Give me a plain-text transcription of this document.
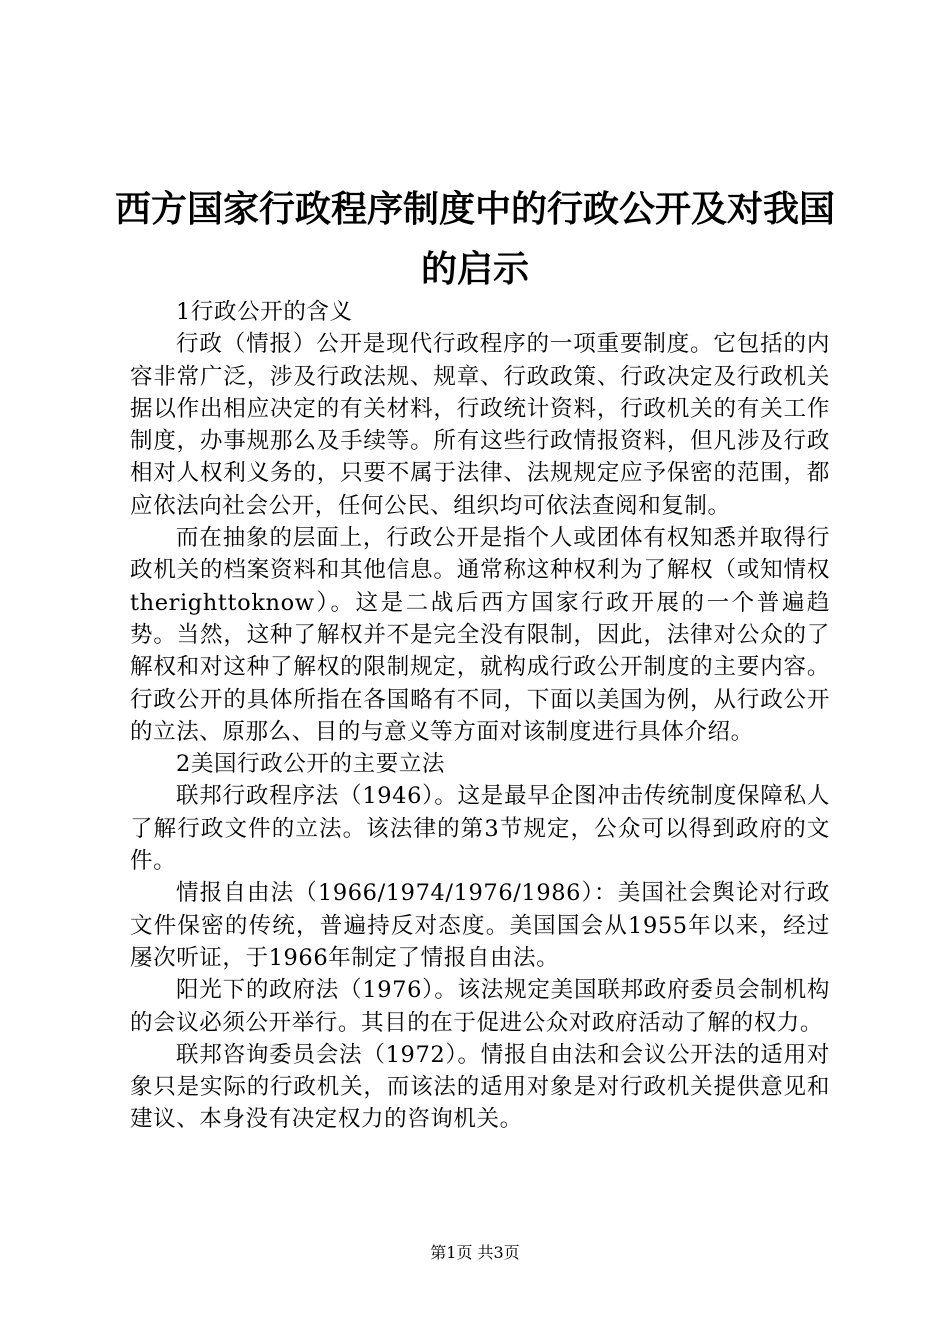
西方国家行政程序制度中的行政公开及对我国
的启示

1行政公开的含义

行政（情报）公开是现代行政程序的一项重要制度。它包括的内容非常广泛，涉及行政法规、规章、行政政策、行政决定及行政机关据以作出相应决定的有关材料，行政统计资料，行政机关的有关工作制度，办事规那么及手续等。所有这些行政情报资料，但凡涉及行政相对人权利义务的，只要不属于法律、法规规定应予保密的范围，都应依法向社会公开，任何公民、组织均可依法查阅和复制。

而在抽象的层面上，行政公开是指个人或团体有权知悉并取得行政机关的档案资料和其他信息。通常称这种权利为了解权（或知情权therighttoknow）。这是二战后西方国家行政开展的一个普遍趋势。当然，这种了解权并不是完全没有限制，因此，法律对公众的了解权和对这种了解权的限制规定，就构成行政公开制度的主要内容。行政公开的具体所指在各国略有不同，下面以美国为例，从行政公开的立法、原那么、目的与意义等方面对该制度进行具体介绍。

2美国行政公开的主要立法

联邦行政程序法（1946）。这是最早企图冲击传统制度保障私人了解行政文件的立法。该法律的第3节规定，公众可以得到政府的文件。

情报自由法（1966/1974/1976/1986）：美国社会舆论对行政文件保密的传统，普遍持反对态度。美国国会从1955年以来，经过屡次听证，于1966年制定了情报自由法。

阳光下的政府法（1976）。该法规定美国联邦政府委员会制机构的会议必须公开举行。其目的在于促进公众对政府活动了解的权力。

联邦咨询委员会法（1972）。情报自由法和会议公开法的适用对象只是实际的行政机关，而该法的适用对象是对行政机关提供意见和建议、本身没有决定权力的咨询机关。

第1页 共3页
